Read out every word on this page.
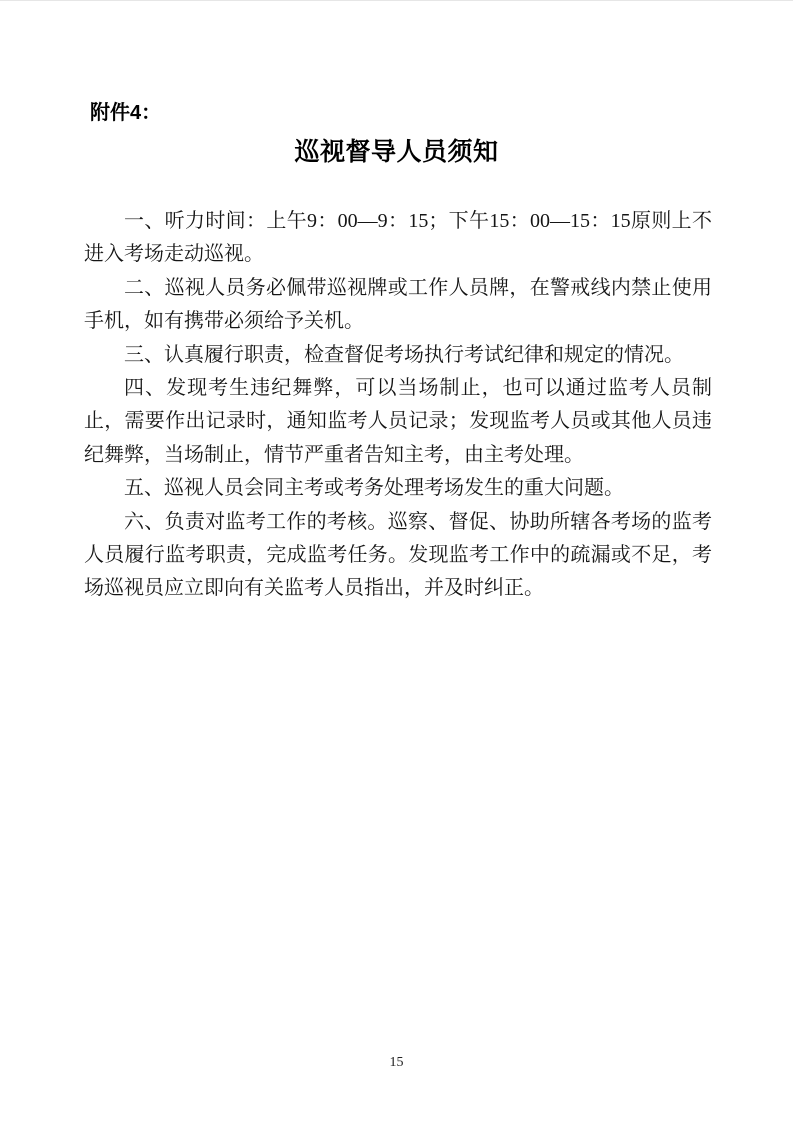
附件4：
巡视督导人员须知

一、听力时间：上午9：00—9：15；下午15：00—15：15原则上不进入考场走动巡视。

二、巡视人员务必佩带巡视牌或工作人员牌，在警戒线内禁止使用手机，如有携带必须给予关机。

三、认真履行职责，检查督促考场执行考试纪律和规定的情况。

四、发现考生违纪舞弊，可以当场制止，也可以通过监考人员制止，需要作出记录时，通知监考人员记录；发现监考人员或其他人员违纪舞弊，当场制止，情节严重者告知主考，由主考处理。

五、巡视人员会同主考或考务处理考场发生的重大问题。

六、负责对监考工作的考核。巡察、督促、协助所辖各考场的监考人员履行监考职责，完成监考任务。发现监考工作中的疏漏或不足，考场巡视员应立即向有关监考人员指出，并及时纠正。

15
